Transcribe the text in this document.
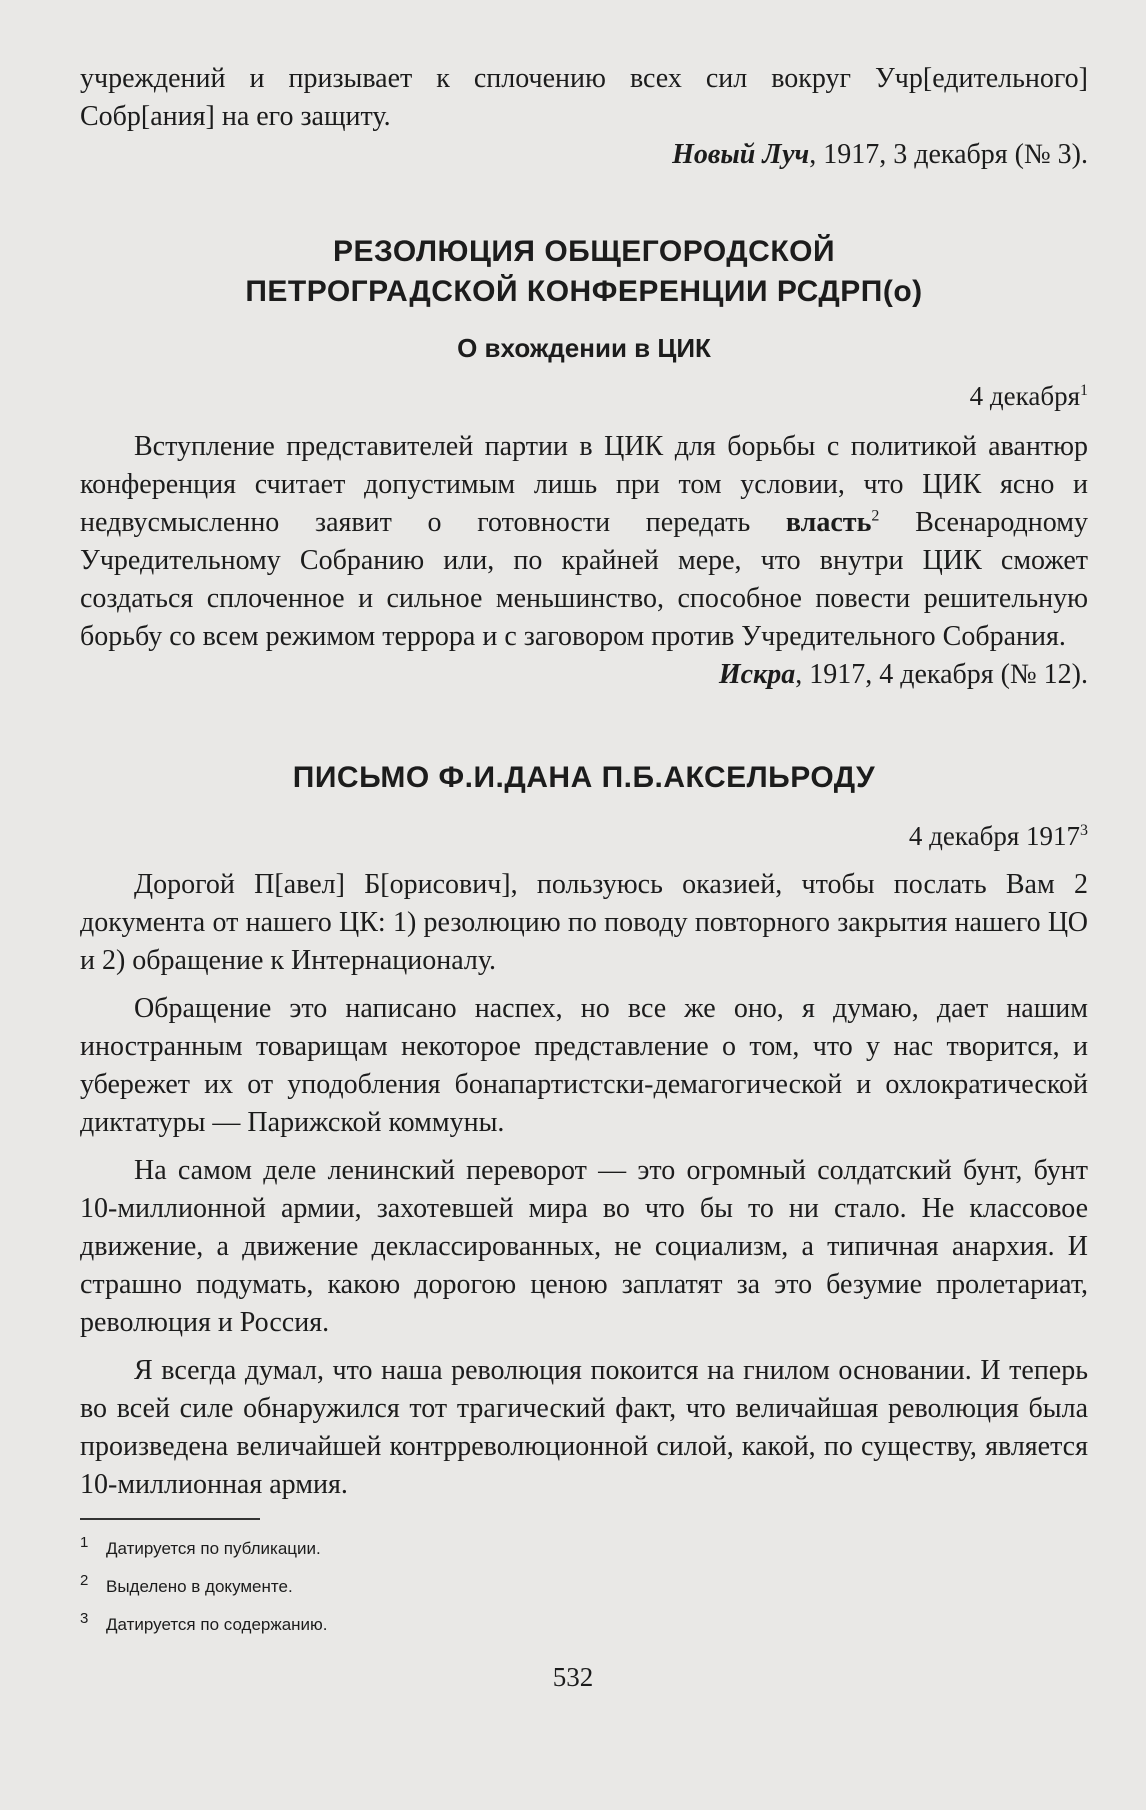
учреждений и призывает к сплочению всех сил вокруг Учр[едительного] Собр[ания] на его защиту.

Новый Луч, 1917, 3 декабря (№ 3).

РЕЗОЛЮЦИЯ ОБЩЕГОРОДСКОЙ

ПЕТРОГРАДСКОЙ КОНФЕРЕНЦИИ РСДРП(о)

О вхождении в ЦИК

4 декабря$^1$

Вступление представителей партии в ЦИК для борьбы с политикой авантюр конференция считает допустимым лишь при том условии, что ЦИК ясно и недвусмысленно заявит о готовности передать власть$^2$ Всенародному Учредительному Собранию или, по крайней мере, что внутри ЦИК сможет создаться сплоченное и сильное меньшинство, способное повести решительную борьбу со всем режимом террора и с заговором против Учредительного Собрания.

Искра, 1917, 4 декабря (№ 12).

ПИСЬМО Ф.И.ДАНА П.Б.АКСЕЛЬРОДУ

4 декабря 1917$^3$

Дорогой П[авел] Б[орисович], пользуюсь оказией, чтобы послать Вам 2 документа от нашего ЦК: 1) резолюцию по поводу повторного закрытия нашего ЦО и 2) обращение к Интернационалу.

Обращение это написано наспех, но все же оно, я думаю, дает нашим иностранным товарищам некоторое представление о том, что у нас творится, и убережет их от уподобления бонапартистски-демагогической и охлократической диктатуры — Парижской коммуны.

На самом деле ленинский переворот — это огромный солдатский бунт, бунт 10-миллионной армии, захотевшей мира во что бы то ни стало. Не классовое движение, а движение деклассированных, не социализм, а типичная анархия. И страшно подумать, какою дорогою ценою заплатят за это безумие пролетариат, революция и Россия.

Я всегда думал, что наша революция покоится на гнилом основании. И теперь во всей силе обнаружился тот трагический факт, что величайшая революция была произведена величайшей контрреволюционной силой, какой, по существу, является 10-миллионная армия.

1 Датируется по публикации.

2 Выделено в документе.

3 Датируется по содержанию.

532
